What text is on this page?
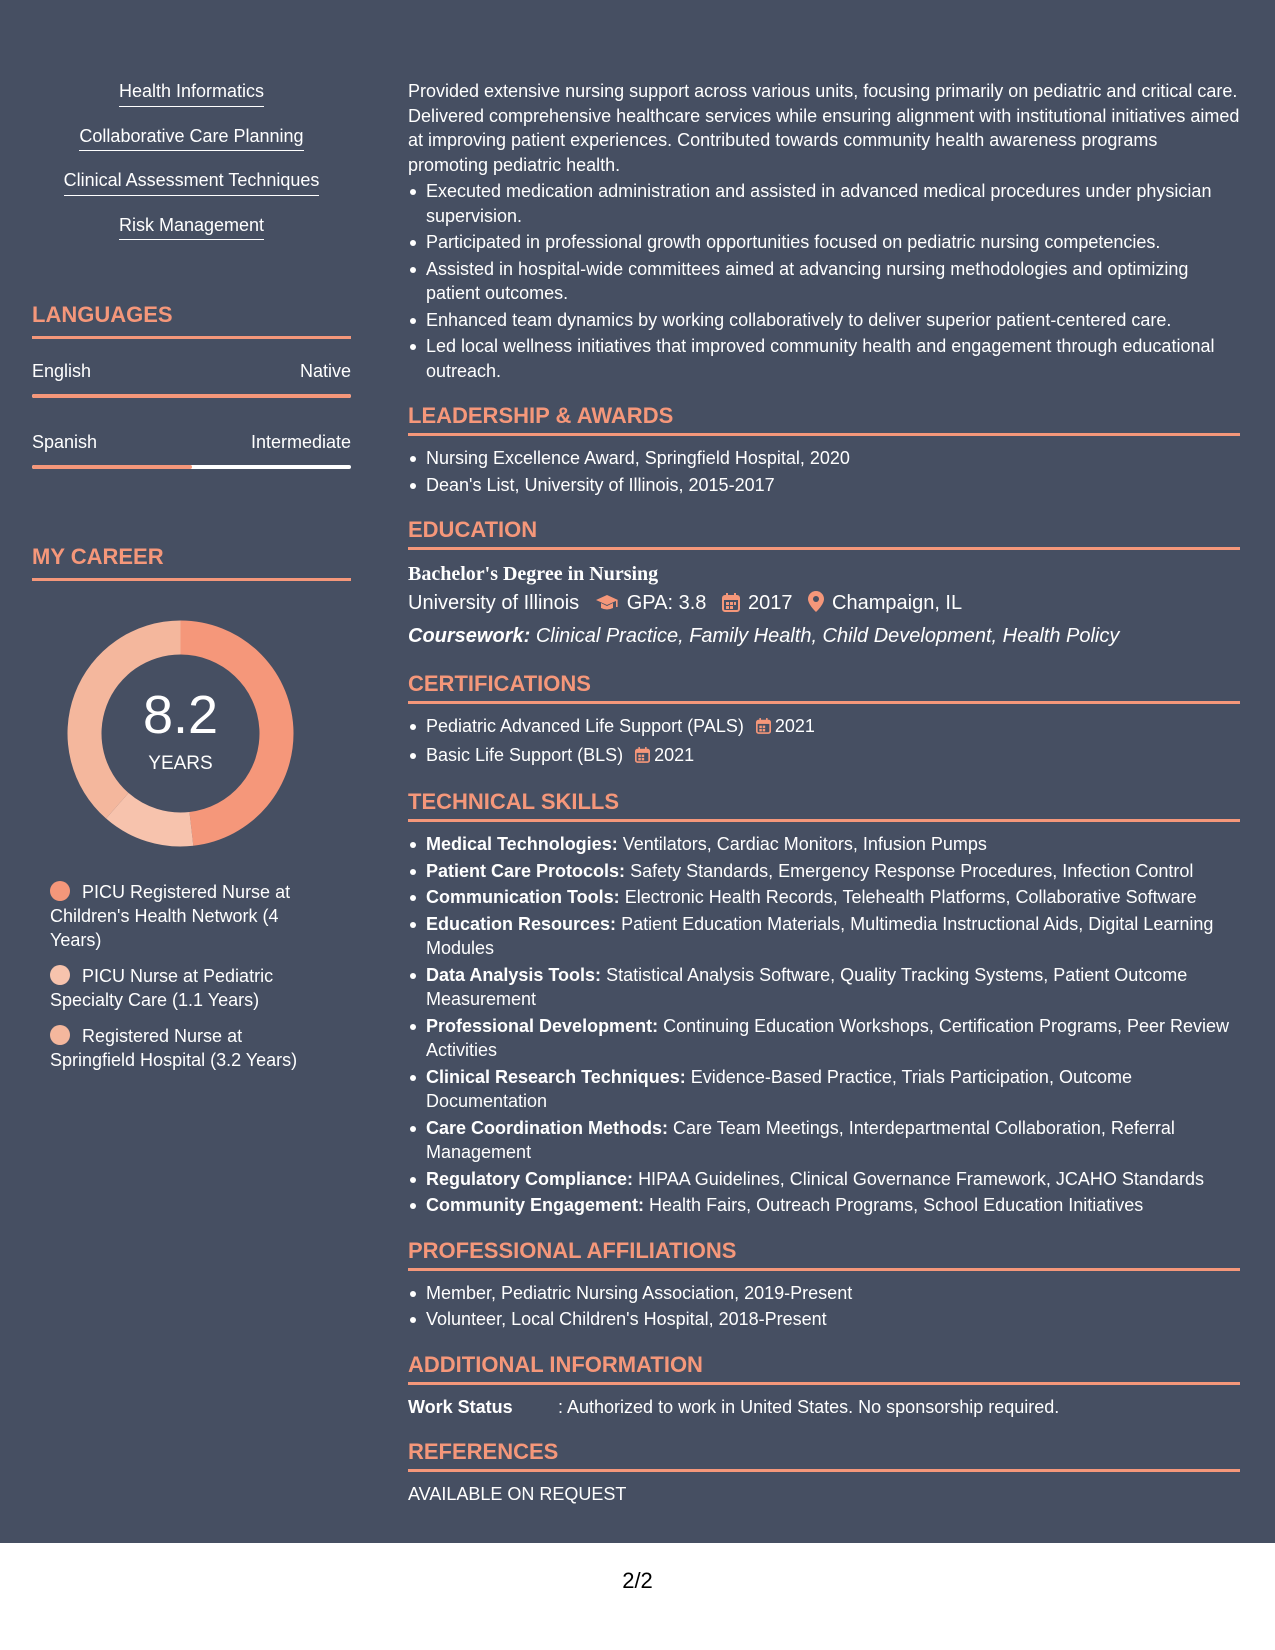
Health Informatics
Collaborative Care Planning
Clinical Assessment Techniques
Risk Management
LANGUAGES
English	Native
Spanish	Intermediate
MY CAREER
8.2
YEARS
PICU Registered Nurse at Children's Health Network (4 Years)
PICU Nurse at Pediatric Specialty Care (1.1 Years)
Registered Nurse at Springfield Hospital (3.2 Years)

Provided extensive nursing support across various units, focusing primarily on pediatric and critical care. Delivered comprehensive healthcare services while ensuring alignment with institutional initiatives aimed at improving patient experiences. Contributed towards community health awareness programs promoting pediatric health.

Executed medication administration and assisted in advanced medical procedures under physician supervision.
Participated in professional growth opportunities focused on pediatric nursing competencies.
Assisted in hospital-wide committees aimed at advancing nursing methodologies and optimizing patient outcomes.
Enhanced team dynamics by working collaboratively to deliver superior patient-centered care.
Led local wellness initiatives that improved community health and engagement through educational outreach.
LEADERSHIP & AWARDS
Nursing Excellence Award, Springfield Hospital, 2020
Dean's List, University of Illinois, 2015-2017
EDUCATION
Bachelor's Degree in Nursing
University of Illinois GPA: 3.8 2017 Champaign, IL
Coursework: Clinical Practice, Family Health, Child Development, Health Policy
CERTIFICATIONS
Pediatric Advanced Life Support (PALS) 2021
Basic Life Support (BLS) 2021
TECHNICAL SKILLS
Medical Technologies: Ventilators, Cardiac Monitors, Infusion Pumps
Patient Care Protocols: Safety Standards, Emergency Response Procedures, Infection Control
Communication Tools: Electronic Health Records, Telehealth Platforms, Collaborative Software
Education Resources: Patient Education Materials, Multimedia Instructional Aids, Digital Learning Modules
Data Analysis Tools: Statistical Analysis Software, Quality Tracking Systems, Patient Outcome Measurement
Professional Development: Continuing Education Workshops, Certification Programs, Peer Review Activities
Clinical Research Techniques: Evidence-Based Practice, Trials Participation, Outcome Documentation
Care Coordination Methods: Care Team Meetings, Interdepartmental Collaboration, Referral Management
Regulatory Compliance: HIPAA Guidelines, Clinical Governance Framework, JCAHO Standards
Community Engagement: Health Fairs, Outreach Programs, School Education Initiatives
PROFESSIONAL AFFILIATIONS
Member, Pediatric Nursing Association, 2019-Present
Volunteer, Local Children's Hospital, 2018-Present
ADDITIONAL INFORMATION
Work Status	: Authorized to work in United States. No sponsorship required.
REFERENCES
AVAILABLE ON REQUEST
2/2
